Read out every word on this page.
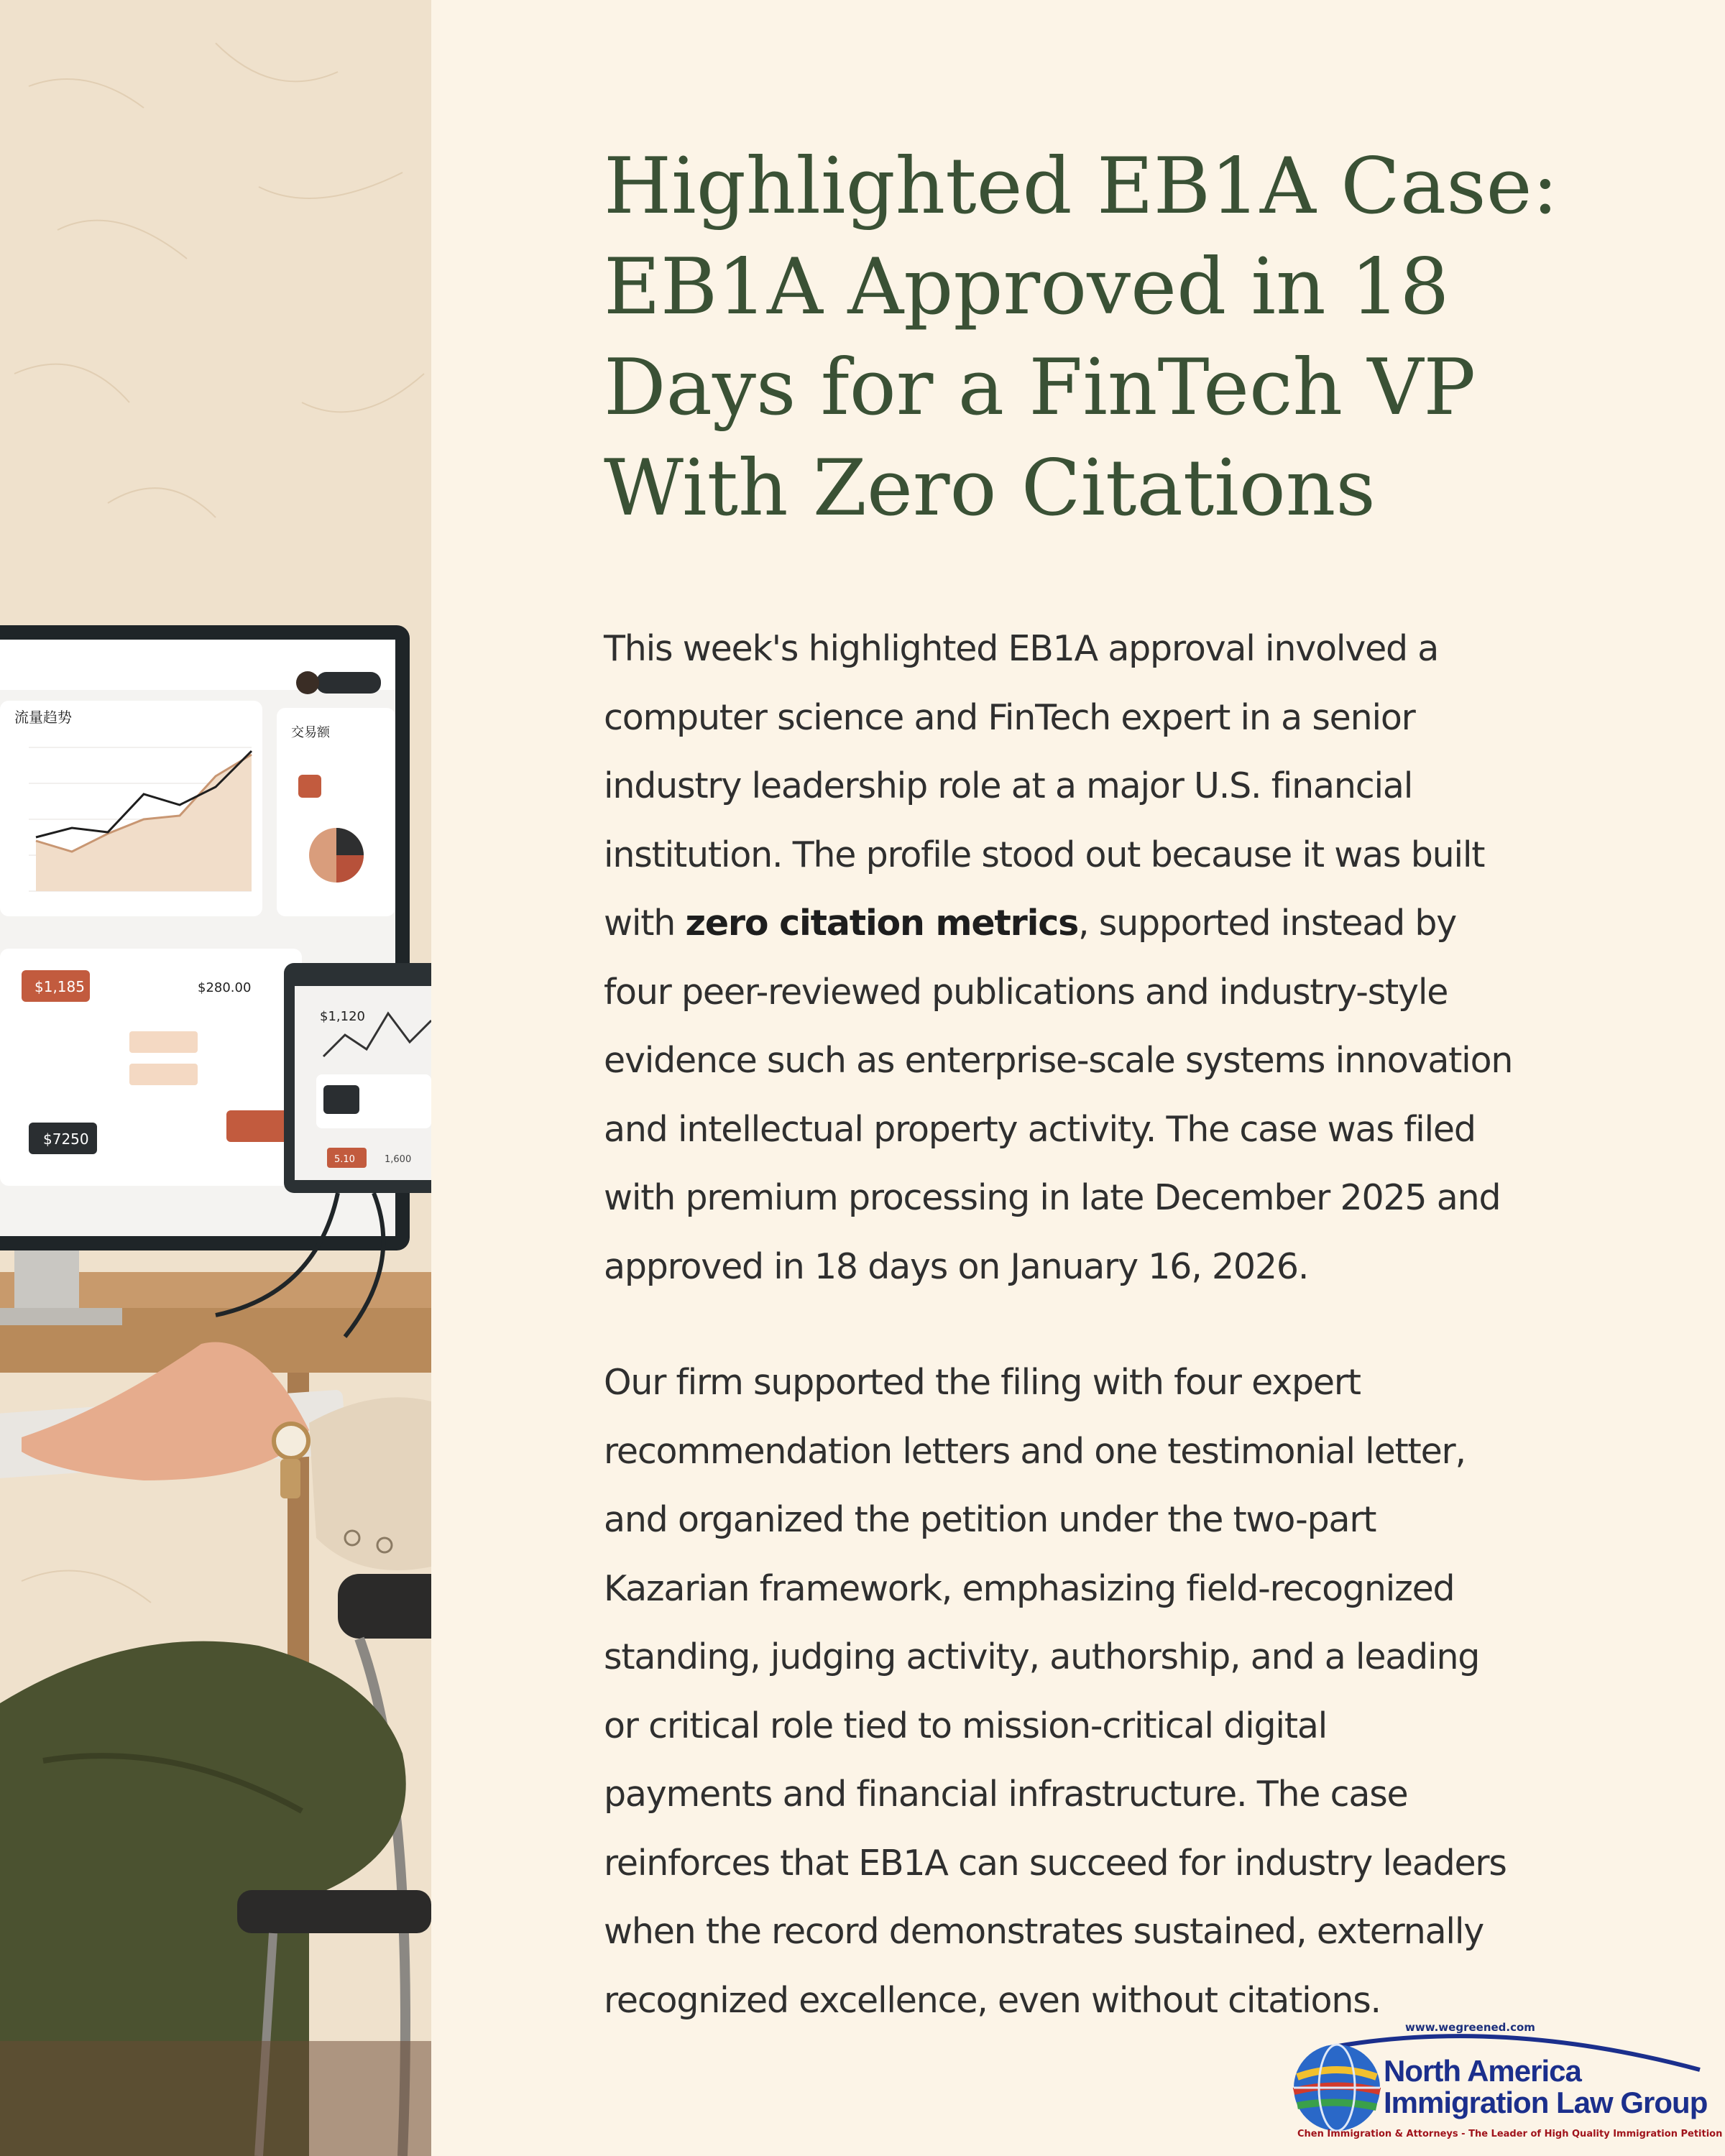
流量趋势
交易额
$1,185	$280.00
$7250
$1,120
5.10	1,600
Highlighted EB1A Case:
EB1A Approved in 18
Days for a FinTech VP
With Zero Citations

This week's highlighted EB1A approval involved a
computer science and FinTech expert in a senior
industry leadership role at a major U.S. financial
institution. The profile stood out because it was built
with zero citation metrics, supported instead by
four peer-reviewed publications and industry-style
evidence such as enterprise-scale systems innovation
and intellectual property activity. The case was filed
with premium processing in late December 2025 and
approved in 18 days on January 16, 2026.

Our firm supported the filing with four expert
recommendation letters and one testimonial letter,
and organized the petition under the two-part
Kazarian framework, emphasizing field-recognized
standing, judging activity, authorship, and a leading
or critical role tied to mission-critical digital
payments and financial infrastructure. The case
reinforces that EB1A can succeed for industry leaders
when the record demonstrates sustained, externally
recognized excellence, even without citations.

www.wegreened.com
North America
Immigration Law Group
Chen Immigration & Attorneys - The Leader of High Quality Immigration Petition
